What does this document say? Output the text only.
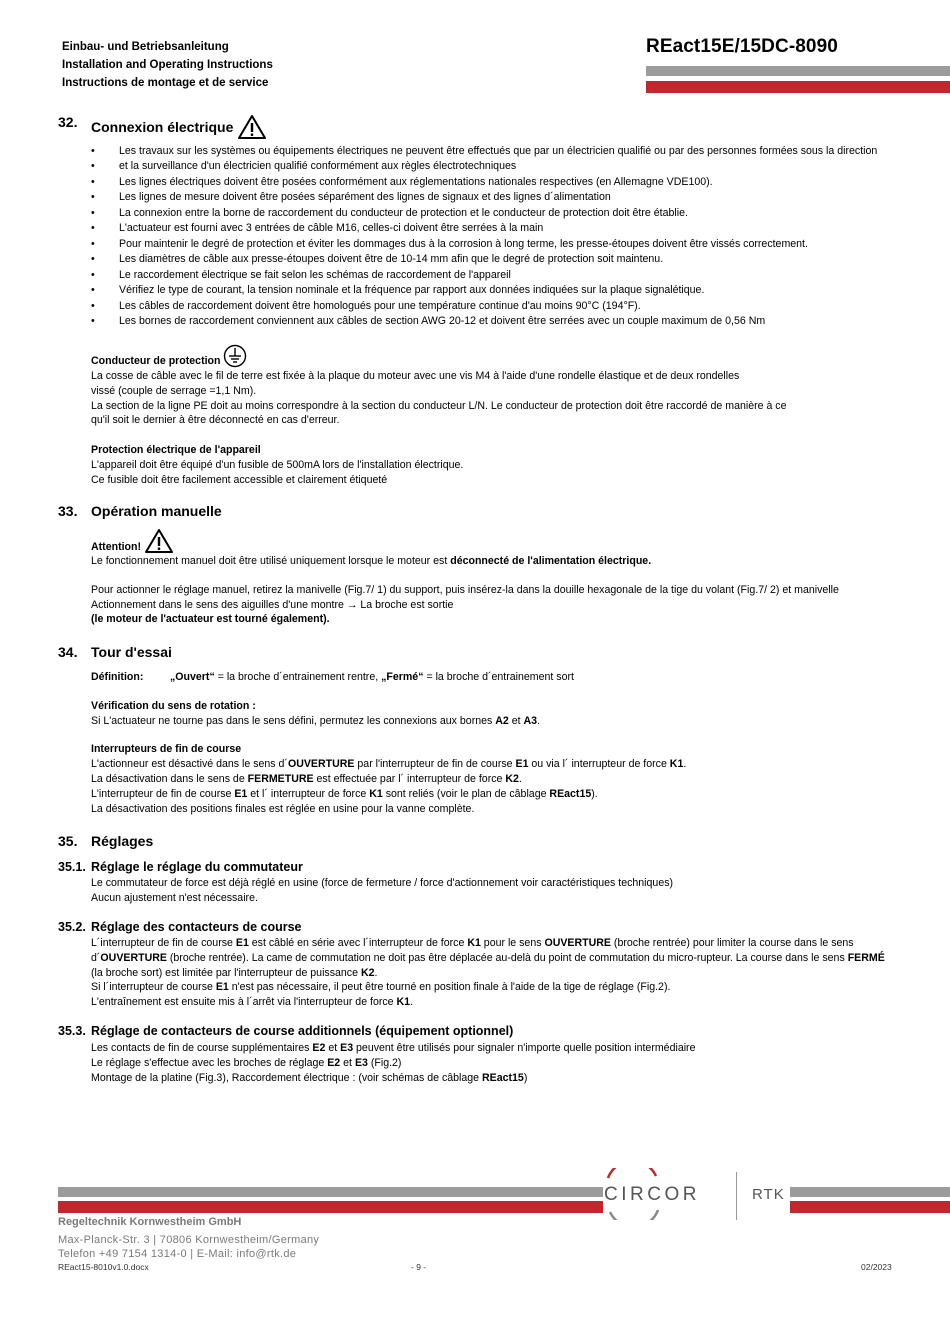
Einbau- und Betriebsanleitung
Installation and Operating Instructions
Instructions de montage et de service
REact15E/15DC-8090
32. Connexion électrique
• Les travaux sur les systèmes ou équipements électriques ne peuvent être effectués que par un électricien qualifié ou par des personnes formées sous la direction
• et la surveillance d'un électricien qualifié conformément aux règles électrotechniques
• Les lignes électriques doivent être posées conformément aux réglementations nationales respectives (en Allemagne VDE100).
• Les lignes de mesure doivent être posées séparément des lignes de signaux et des lignes d´alimentation
• La connexion entre la borne de raccordement du conducteur de protection et le conducteur de protection doit être établie.
• L'actuateur est fourni avec 3 entrées de câble M16, celles-ci doivent être serrées à la main
• Pour maintenir le degré de protection et éviter les dommages dus à la corrosion à long terme, les presse-étoupes doivent être vissés correctement.
• Les diamètres de câble aux presse-étoupes doivent être de 10-14 mm afin que le degré de protection soit maintenu.
• Le raccordement électrique se fait selon les schémas de raccordement de l'appareil
• Vérifiez le type de courant, la tension nominale et la fréquence par rapport aux données indiquées sur la plaque signalétique.
• Les câbles de raccordement doivent être homologués pour une température continue d'au moins 90°C (194°F).
• Les bornes de raccordement conviennent aux câbles de section AWG 20-12 et doivent être serrées avec un couple maximum de 0,56 Nm
Conducteur de protection
La cosse de câble avec le fil de terre est fixée à la plaque du moteur avec une vis M4 à l'aide d'une rondelle élastique et de deux rondelles
vissé (couple de serrage =1,1 Nm).
La section de la ligne PE doit au moins correspondre à la section du conducteur L/N. Le conducteur de protection doit être raccordé de manière à ce
qu'il soit le dernier à être déconnecté en cas d'erreur.
Protection électrique de l'appareil
L'appareil doit être équipé d'un fusible de 500mA lors de l'installation électrique.
Ce fusible doit être facilement accessible et clairement étiqueté
33. Opération manuelle
Attention!
Le fonctionnement manuel doit être utilisé uniquement lorsque le moteur est déconnecté de l'alimentation électrique.
Pour actionner le réglage manuel, retirez la manivelle (Fig.7/ 1) du support, puis insérez-la dans la douille hexagonale de la tige du volant (Fig.7/ 2) et manivelle
Actionnement dans le sens des aiguilles d'une montre → La broche est sortie
(le moteur de l'actuateur est tourné également).
34. Tour d'essai
Définition:	„Ouvert“ = la broche d´entrainement rentre, „Fermé“ = la broche d´entrainement sort
Vérification du sens de rotation :
Si L'actuateur ne tourne pas dans le sens défini, permutez les connexions aux bornes A2 et A3.
Interrupteurs de fin de course
L'actionneur est désactivé dans le sens d´OUVERTURE par l'interrupteur de fin de course E1 ou via l´ interrupteur de force K1.
La désactivation dans le sens de FERMETURE est effectuée par l´ interrupteur de force K2.
L'interrupteur de fin de course E1 et l´ interrupteur de force K1 sont reliés (voir le plan de câblage REact15).
La désactivation des positions finales est réglée en usine pour la vanne complète.
35. Réglages
35.1. Réglage le réglage du commutateur
Le commutateur de force est déjà réglé en usine (force de fermeture / force d'actionnement voir caractéristiques techniques)
Aucun ajustement n'est nécessaire.
35.2. Réglage des contacteurs de course
L´interrupteur de fin de course E1 est câblé en série avec l´interrupteur de force K1 pour le sens OUVERTURE (broche rentrée) pour limiter la course dans le sens
d´OUVERTURE (broche rentrée). La came de commutation ne doit pas être déplacée au-delà du point de commutation du micro-rupteur. La course dans le sens FERMÉ
(la broche sort) est limitée par l'interrupteur de puissance K2.
Si l´interrupteur de course E1 n'est pas nécessaire, il peut être tourné en position finale à l'aide de la tige de réglage (Fig.2).
L'entraînement est ensuite mis à l´arrêt via l'interrupteur de force K1.
35.3. Réglage de contacteurs de course additionnels (équipement optionnel)
Les contacts de fin de course supplémentaires E2 et E3 peuvent être utilisés pour signaler n'importe quelle position intermédiaire
Le réglage s'effectue avec les broches de réglage E2 et E3 (Fig.2)
Montage de la platine (Fig.3), Raccordement électrique : (voir schémas de câblage REact15)
CIRCOR	RTK
Regeltechnik Kornwestheim GmbH
Max-Planck-Str. 3 | 70806 Kornwestheim/Germany
Telefon +49 7154 1314-0 | E-Mail: info@rtk.de
REact15-8010v1.0.docx	- 9 -	02/2023
